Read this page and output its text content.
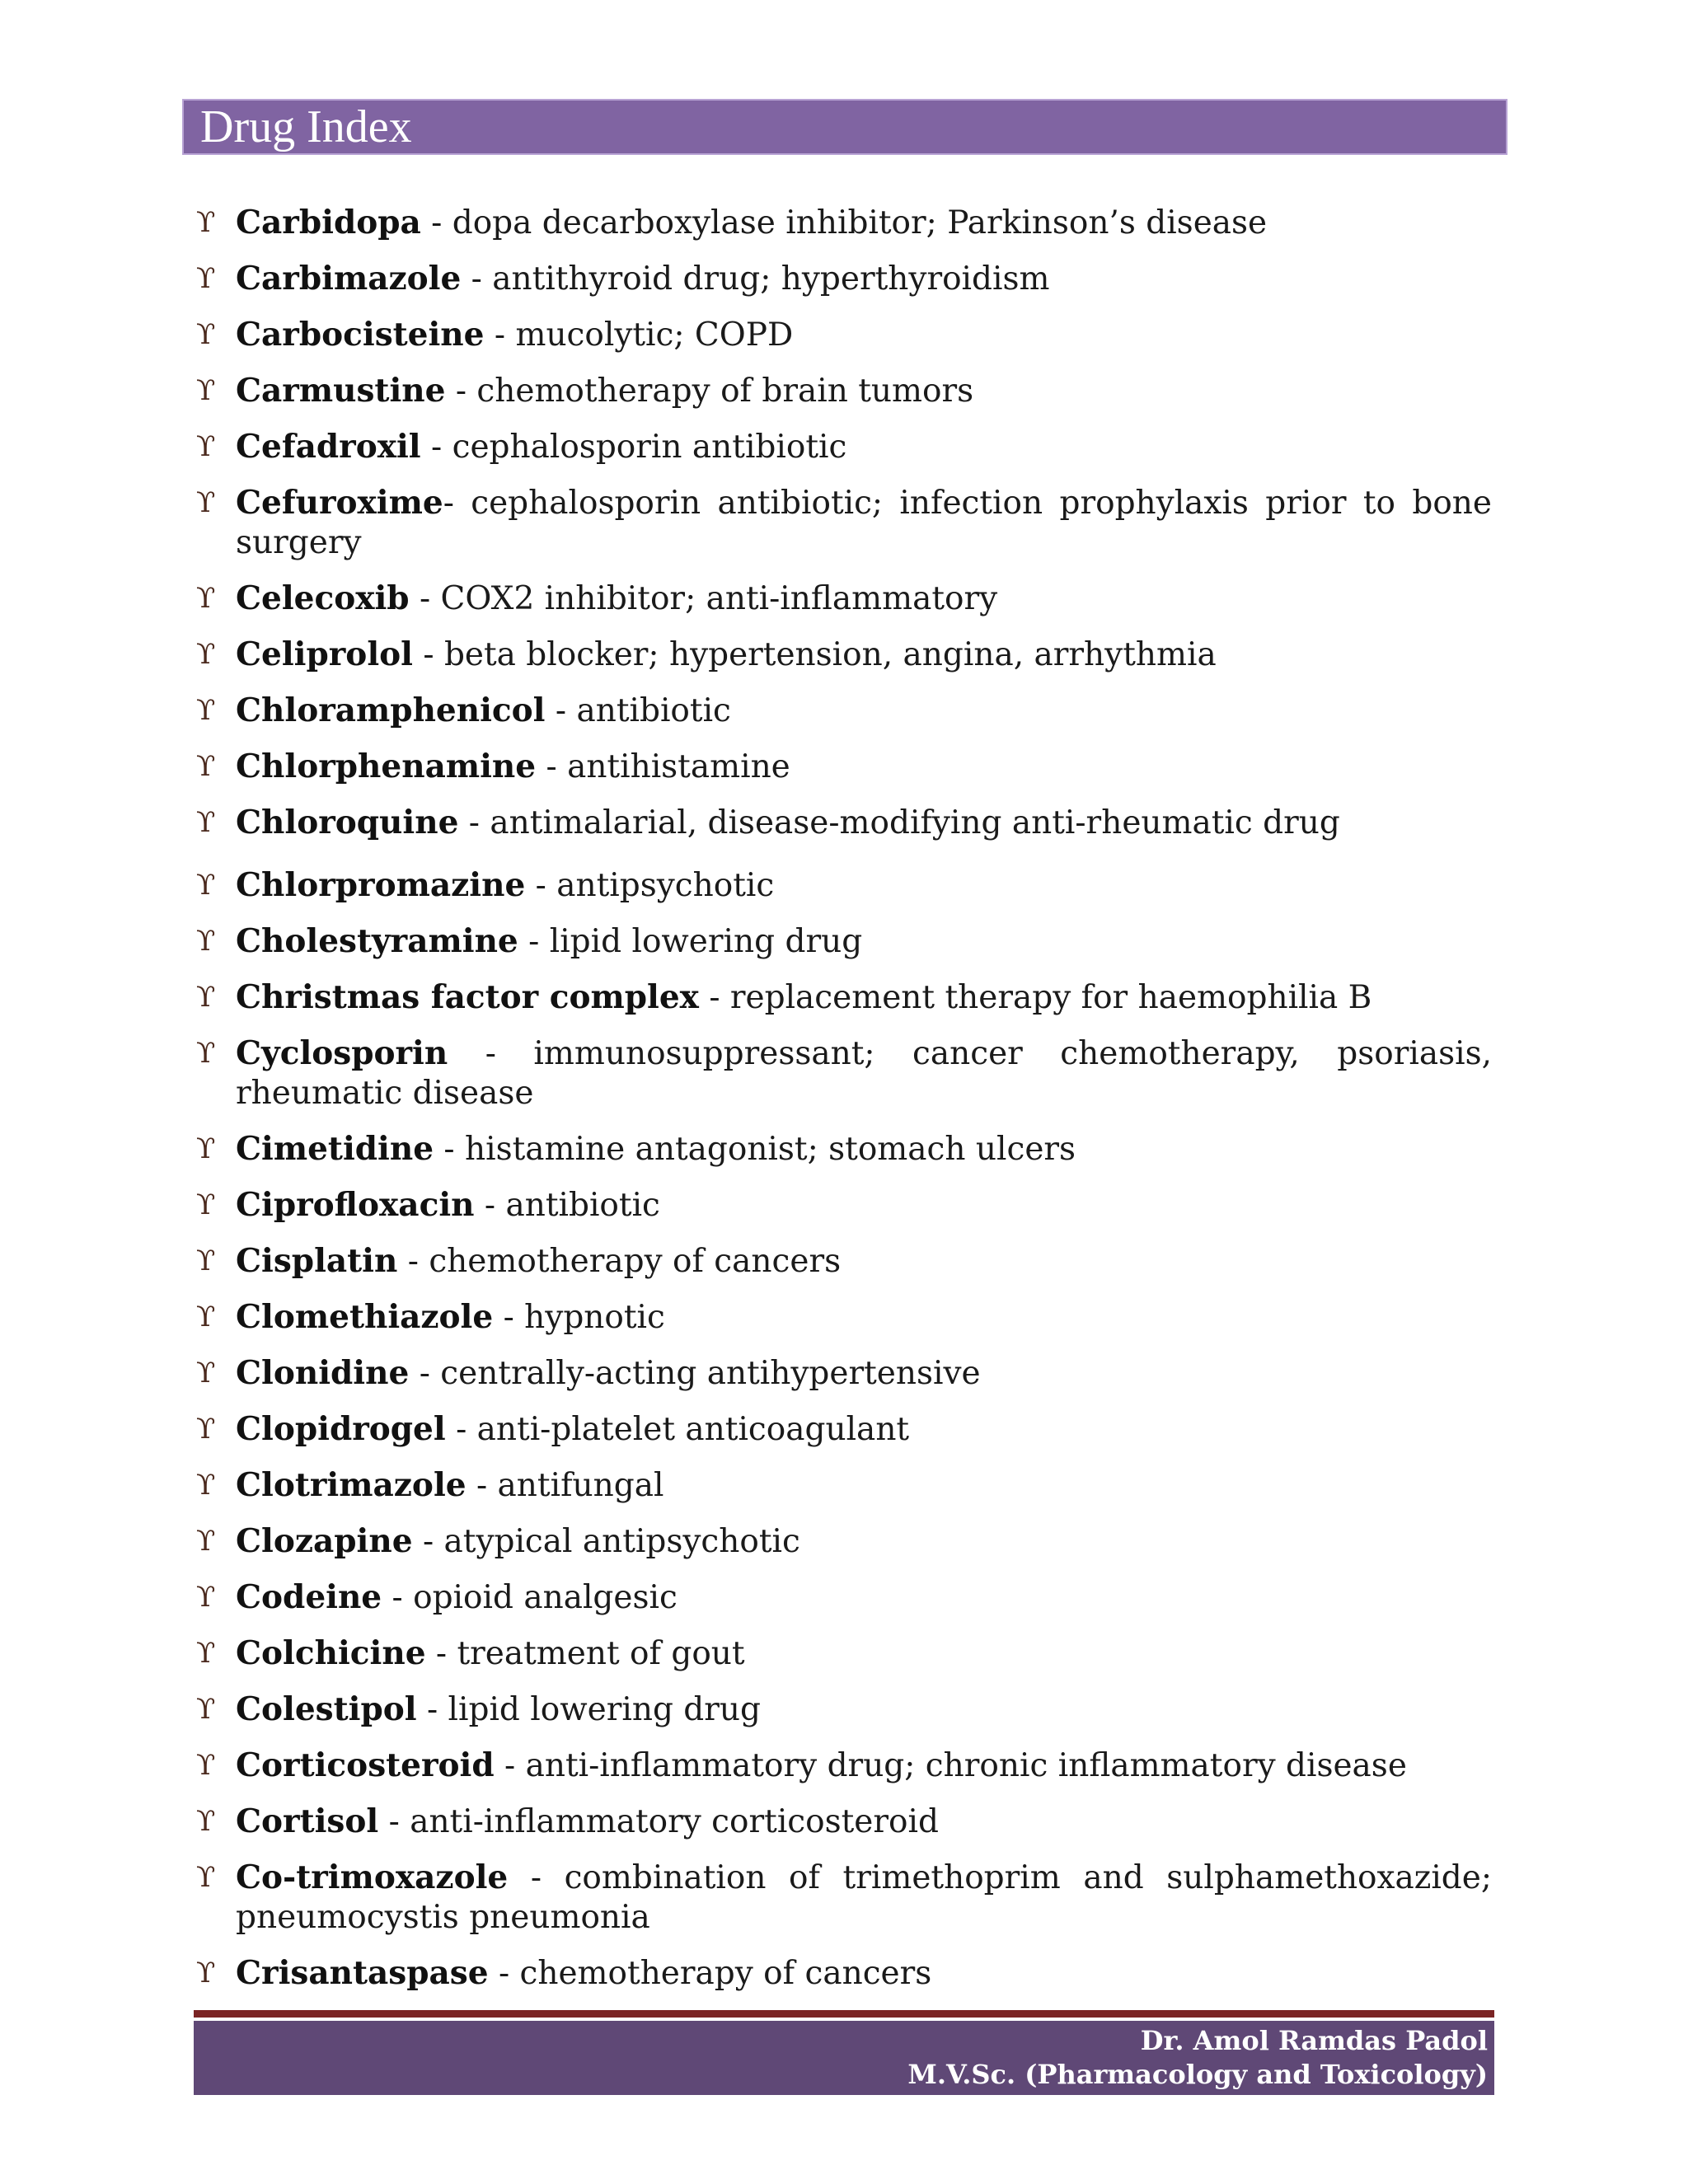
Drug Index
ϒ Carbidopa - dopa decarboxylase inhibitor; Parkinson’s disease
ϒ Carbimazole - antithyroid drug; hyperthyroidism
ϒ Carbocisteine - mucolytic; COPD
ϒ Carmustine - chemotherapy of brain tumors
ϒ Cefadroxil - cephalosporin antibiotic
ϒ Cefuroxime- cephalosporin antibiotic; infection prophylaxis prior to bone surgery
ϒ Celecoxib - COX2 inhibitor; anti-inflammatory
ϒ Celiprolol - beta blocker; hypertension, angina, arrhythmia
ϒ Chloramphenicol - antibiotic
ϒ Chlorphenamine - antihistamine
ϒ Chloroquine - antimalarial, disease-modifying anti-rheumatic drug
ϒ Chlorpromazine - antipsychotic
ϒ Cholestyramine - lipid lowering drug
ϒ Christmas factor complex - replacement therapy for haemophilia B
ϒ Cyclosporin - immunosuppressant; cancer chemotherapy, psoriasis, rheumatic disease
ϒ Cimetidine - histamine antagonist; stomach ulcers
ϒ Ciprofloxacin - antibiotic
ϒ Cisplatin - chemotherapy of cancers
ϒ Clomethiazole - hypnotic
ϒ Clonidine - centrally-acting antihypertensive
ϒ Clopidrogel - anti-platelet anticoagulant
ϒ Clotrimazole - antifungal
ϒ Clozapine - atypical antipsychotic
ϒ Codeine - opioid analgesic
ϒ Colchicine - treatment of gout
ϒ Colestipol - lipid lowering drug
ϒ Corticosteroid - anti-inflammatory drug; chronic inflammatory disease
ϒ Cortisol - anti-inflammatory corticosteroid
ϒ Co-trimoxazole - combination of trimethoprim and sulphamethoxazide; pneumocystis pneumonia
ϒ Crisantaspase - chemotherapy of cancers
Dr. Amol Ramdas Padol
M.V.Sc. (Pharmacology and Toxicology)
